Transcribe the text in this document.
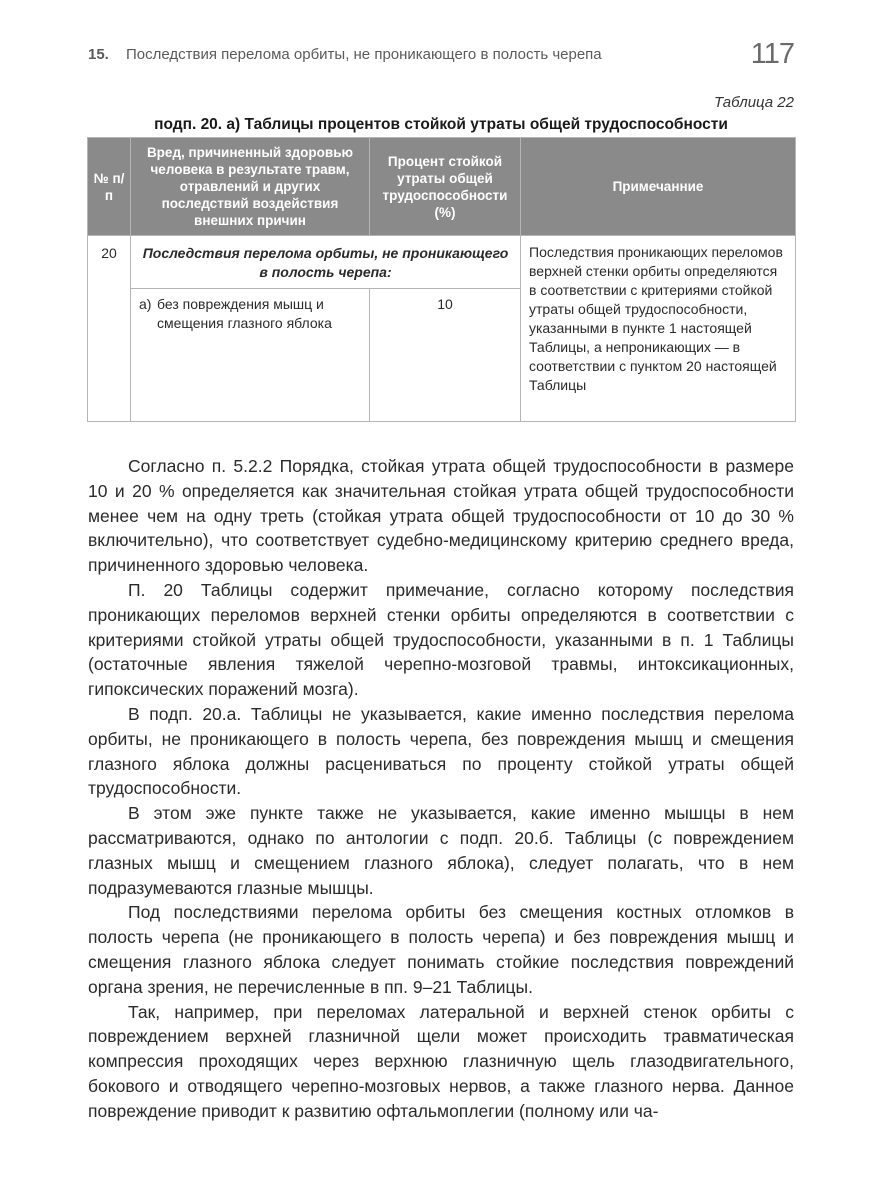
15. Последствия перелома орбиты, не проникающего в полость черепа	117
Таблица 22
подп. 20. а) Таблицы процентов стойкой утраты общей трудоспособности
№ п/п	Вред, причиненный здоровью человека в результате травм, отравлений и других последствий воздействия внешних причин	Процент стойкой утраты общей трудоспособности (%)	Примечанние
20	Последствия перелома орбиты, не проникающего в полость черепа:		Последствия проникающих переломов верхней стенки орбиты определяются в соответствии с критериями стойкой утраты общей трудоспособности, указанными в пункте 1 настоящей Таблицы, а непроникающих — в соответствии с пунктом 20 настоящей Таблицы
	а) без повреждения мышц и смещения глазного яблока	10	

Согласно п. 5.2.2 Порядка, стойкая утрата общей трудоспособности в размере 10 и 20 % определяется как значительная стойкая утрата общей трудоспособности менее чем на одну треть (стойкая утрата общей трудоспособности от 10 до 30 % включительно), что соответствует судебно-медицинскому критерию среднего вреда, причиненного здоровью человека.

П. 20 Таблицы содержит примечание, согласно которому последствия проникающих переломов верхней стенки орбиты определяются в соответствии с критериями стойкой утраты общей трудоспособности, указанными в п. 1 Таблицы (остаточные явления тяжелой черепно-мозговой травмы, интоксикационных, гипоксических поражений мозга).

В подп. 20.а. Таблицы не указывается, какие именно последствия перелома орбиты, не проникающего в полость черепа, без повреждения мышц и смещения глазного яблока должны расцениваться по проценту стойкой утраты общей трудоспособности.

В этом эже пункте также не указывается, какие именно мышцы в нем рассматриваются, однако по антологии с подп. 20.б. Таблицы (с повреждением глазных мышц и смещением глазного яблока), следует полагать, что в нем подразумеваются глазные мышцы.

Под последствиями перелома орбиты без смещения костных отломков в полость черепа (не проникающего в полость черепа) и без повреждения мышц и смещения глазного яблока следует понимать стойкие последствия повреждений органа зрения, не перечисленные в пп. 9–21 Таблицы.

Так, например, при переломах латеральной и верхней стенок орбиты с повреждением верхней глазничной щели может происходить травматическая компрессия проходящих через верхнюю глазничную щель глазодвигательного, бокового и отводящего черепно-мозговых нервов, а также глазного нерва. Данное повреждение приводит к развитию офтальмоплегии (полному или ча-
